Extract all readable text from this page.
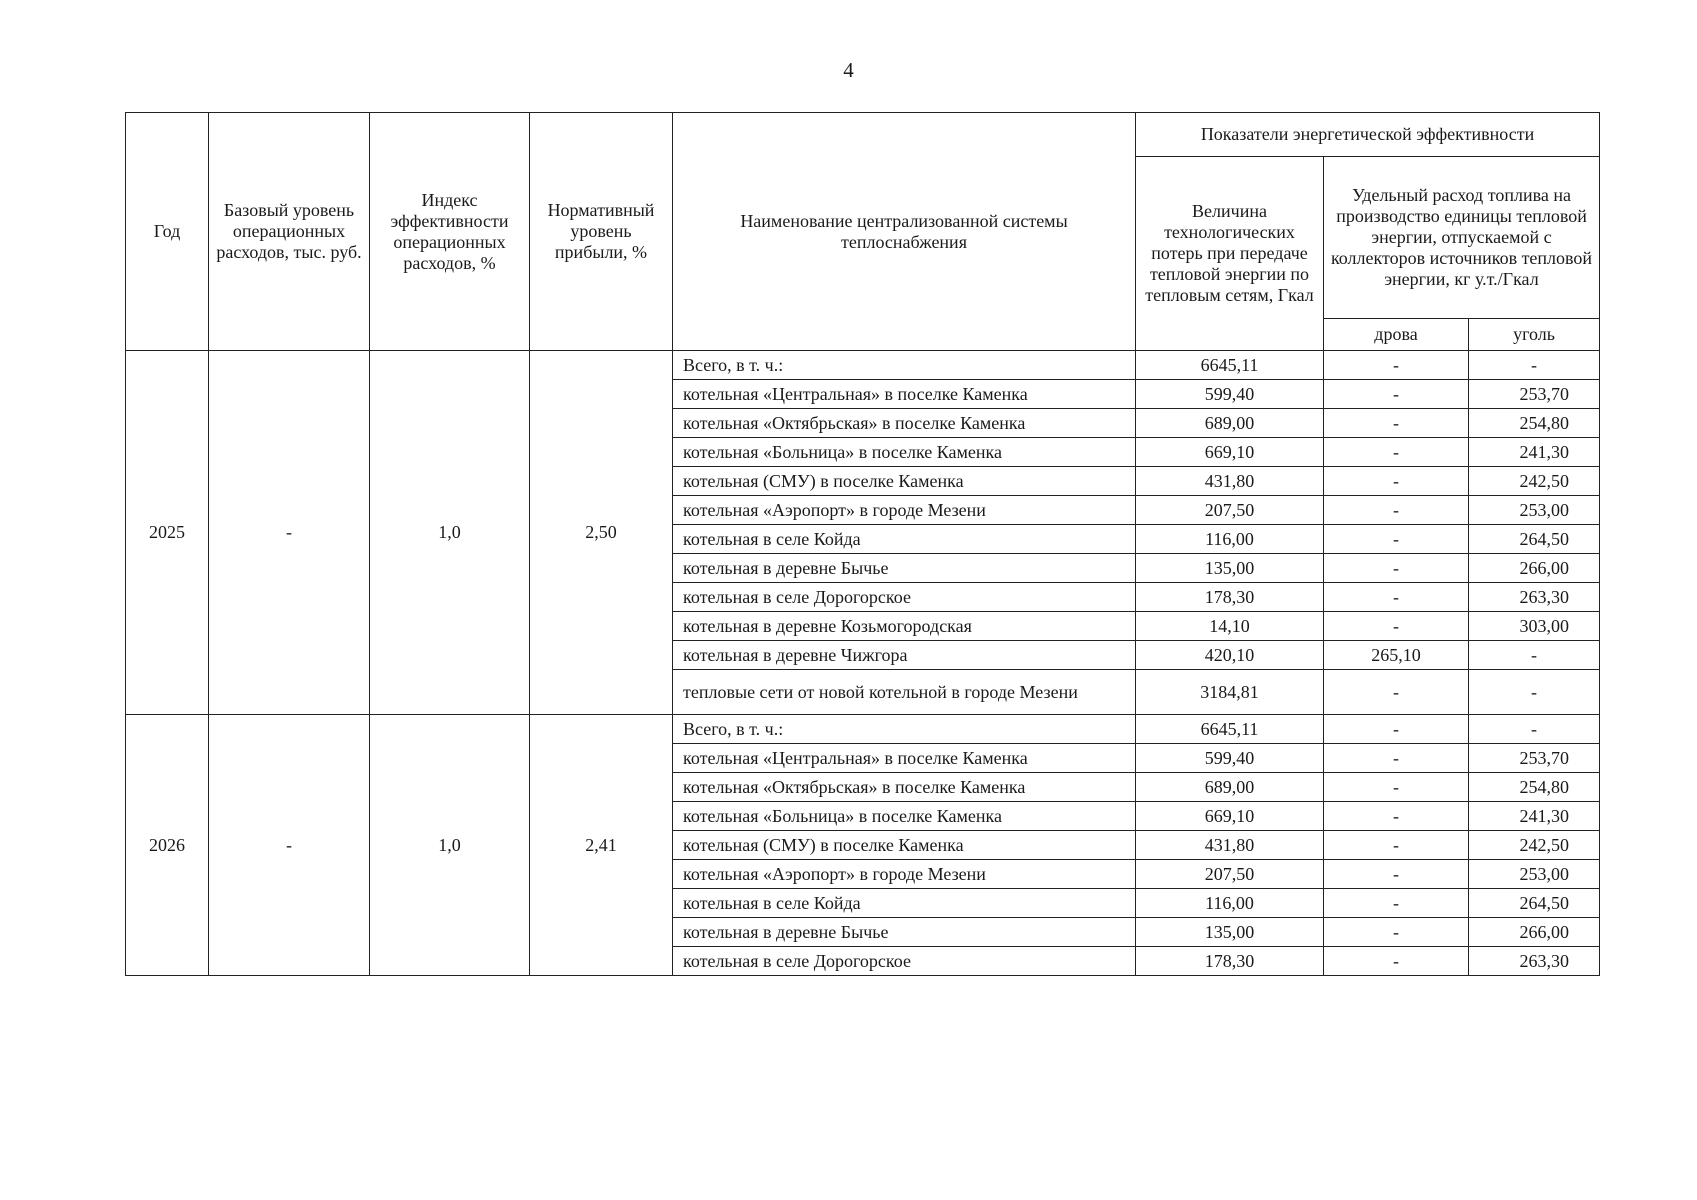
4
Год	Базовый уровень операционных расходов, тыс. руб.	Индекс эффективности операционных расходов, %	Нормативный уровень прибыли, %	Наименование централизованной системы теплоснабжения	Показатели энергетической эффективности		
					Величина технологических потерь при передаче тепловой энергии по тепловым сетям, Гкал	Удельный расход топлива на производство единицы тепловой энергии, отпускаемой с коллекторов источников тепловой энергии, кг у.т./Гкал	
						дрова	уголь
2025	-	1,0	2,50	Всего, в т. ч.:	6645,11	-	-
				котельная «Центральная» в поселке Каменка	599,40	-	253,70
				котельная «Октябрьская» в поселке Каменка	689,00	-	254,80
				котельная «Больница» в поселке Каменка	669,10	-	241,30
				котельная (СМУ) в поселке Каменка	431,80	-	242,50
				котельная «Аэропорт» в городе Мезени	207,50	-	253,00
				котельная в селе Койда	116,00	-	264,50
				котельная в деревне Бычье	135,00	-	266,00
				котельная в селе Дорогорское	178,30	-	263,30
				котельная в деревне Козьмогородская	14,10	-	303,00
				котельная в деревне Чижгора	420,10	265,10	-
				тепловые сети от новой котельной в городе Мезени	3184,81	-	-
2026	-	1,0	2,41	Всего, в т. ч.:	6645,11	-	-
				котельная «Центральная» в поселке Каменка	599,40	-	253,70
				котельная «Октябрьская» в поселке Каменка	689,00	-	254,80
				котельная «Больница» в поселке Каменка	669,10	-	241,30
				котельная (СМУ) в поселке Каменка	431,80	-	242,50
				котельная «Аэропорт» в городе Мезени	207,50	-	253,00
				котельная в селе Койда	116,00	-	264,50
				котельная в деревне Бычье	135,00	-	266,00
				котельная в селе Дорогорское	178,30	-	263,30
